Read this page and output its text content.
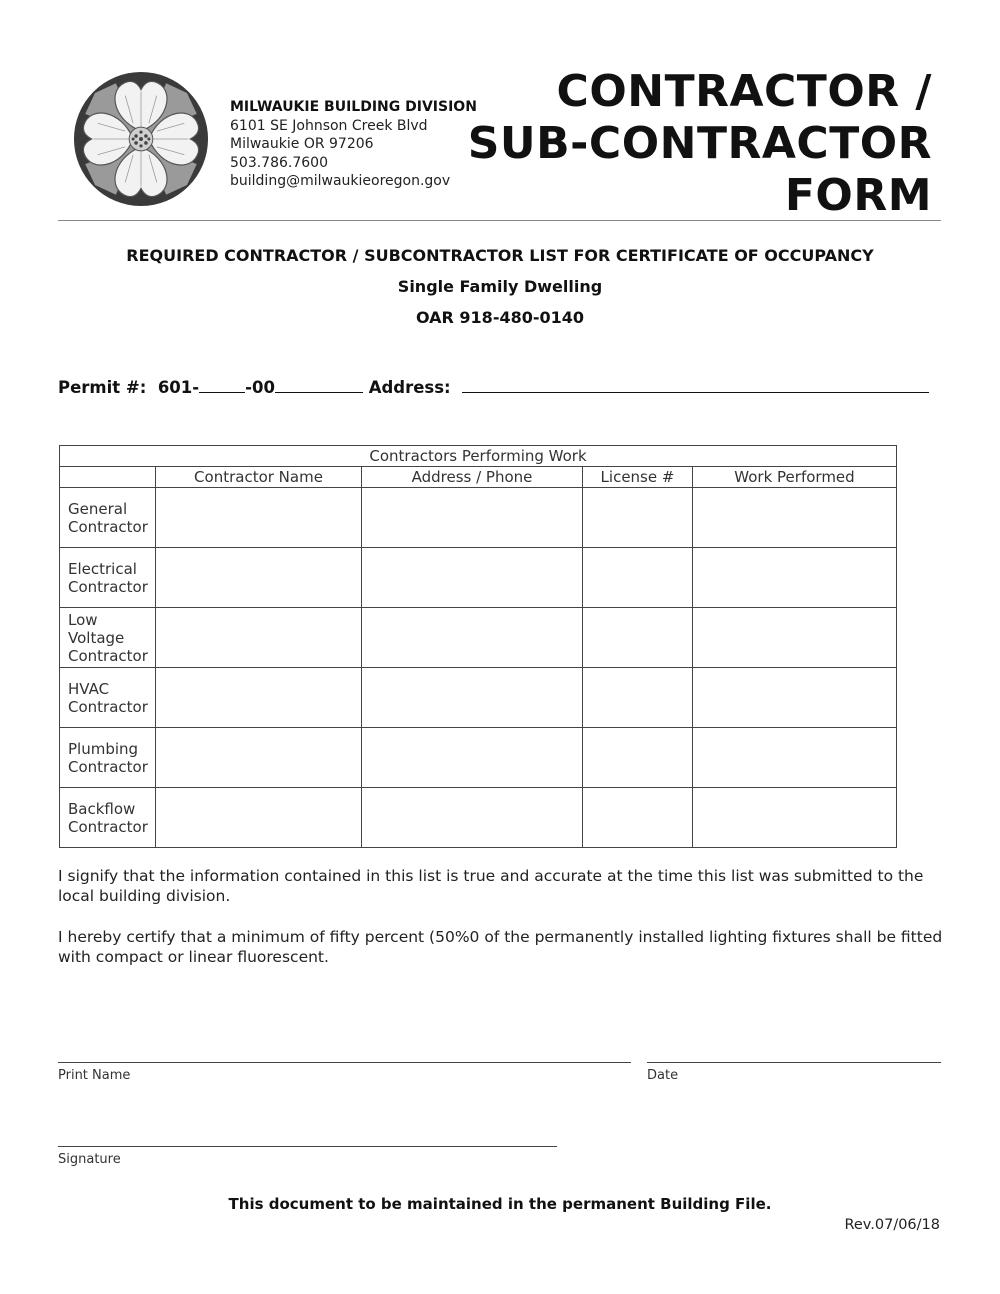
MILWAUKIE BUILDING DIVISION
6101 SE Johnson Creek Blvd
Milwaukie OR 97206
503.786.7600
building@milwaukieoregon.gov
CONTRACTOR /
SUB-CONTRACTOR
FORM
REQUIRED CONTRACTOR / SUBCONTRACTOR LIST FOR CERTIFICATE OF OCCUPANCY
Single Family Dwelling
OAR 918-480-0140
Permit #: 601-	-00	Address:
Contractors Performing Work				
	Contractor Name	Address / Phone	License #	Work Performed
General Contractor				
Electrical Contractor				
Low Voltage Contractor				
HVAC Contractor				
Plumbing Contractor				
Backflow Contractor				
I signify that the information contained in this list is true and accurate at the time this list was submitted to the local building division.
I hereby certify that a minimum of fifty percent (50%0 of the permanently installed lighting fixtures shall be fitted with compact or linear fluorescent.
Print Name	Date
Signature
This document to be maintained in the permanent Building File.
Rev.07/06/18
